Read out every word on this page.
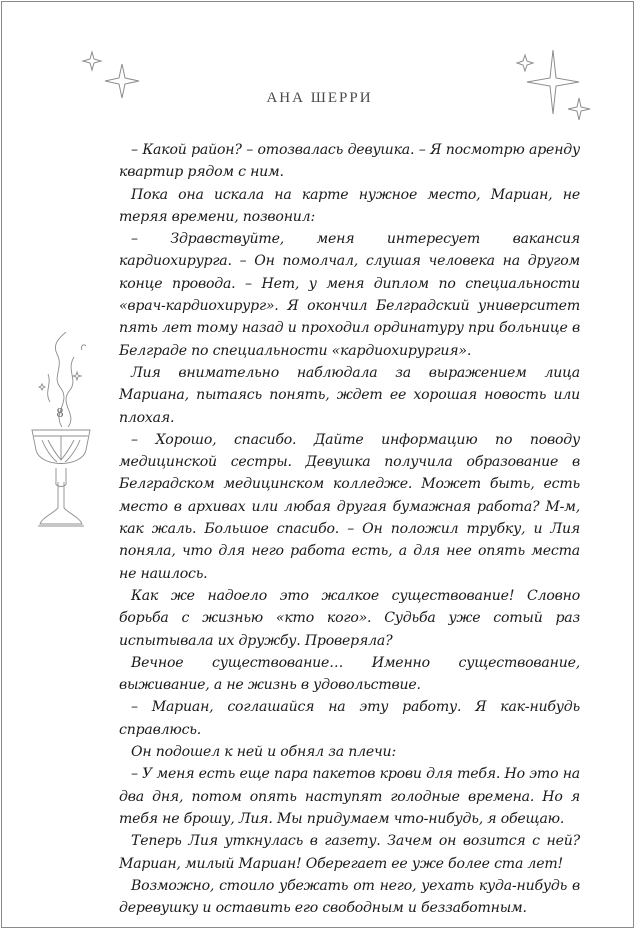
АНА ШЕРРИ
8

– Какой район? – отозвалась девушка. – Я посмотрю аренду квартир рядом с ним.

Пока она искала на карте нужное место, Мариан, не теряя времени, позвонил:

– Здравствуйте, меня интересует вакансия кардиохирурга. – Он помолчал, слушая человека на другом конце провода. – Нет, у меня диплом по специальности «врач-кардиохирург». Я окончил Белградский университет пять лет тому назад и проходил ординатуру при больнице в Белграде по специальности «кардиохирургия».

Лия внимательно наблюдала за выражением лица Мариана, пытаясь понять, ждет ее хорошая новость или плохая.

– Хорошо, спасибо. Дайте информацию по поводу медицинской сестры. Девушка получила образование в Белградском медицинском колледже. Может быть, есть место в архивах или любая другая бумажная работа? М-м, как жаль. Большое спасибо. – Он положил трубку, и Лия поняла, что для него работа есть, а для нее опять места не нашлось.

Как же надоело это жалкое существование! Словно борьба с жизнью «кто кого». Судьба уже сотый раз испытывала их дружбу. Проверяла?

Вечное существование… Именно существование, выживание, а не жизнь в удовольствие.

– Мариан, соглашайся на эту работу. Я как-нибудь справлюсь.

Он подошел к ней и обнял за плечи:

– У меня есть еще пара пакетов крови для тебя. Но это на два дня, потом опять наступят голодные времена. Но я тебя не брошу, Лия. Мы придумаем что-нибудь, я обещаю.

Теперь Лия уткнулась в газету. Зачем он возится с ней? Мариан, милый Мариан! Оберегает ее уже более ста лет!

Возможно, стоило убежать от него, уехать куда-нибудь в деревушку и оставить его свободным и беззаботным.
